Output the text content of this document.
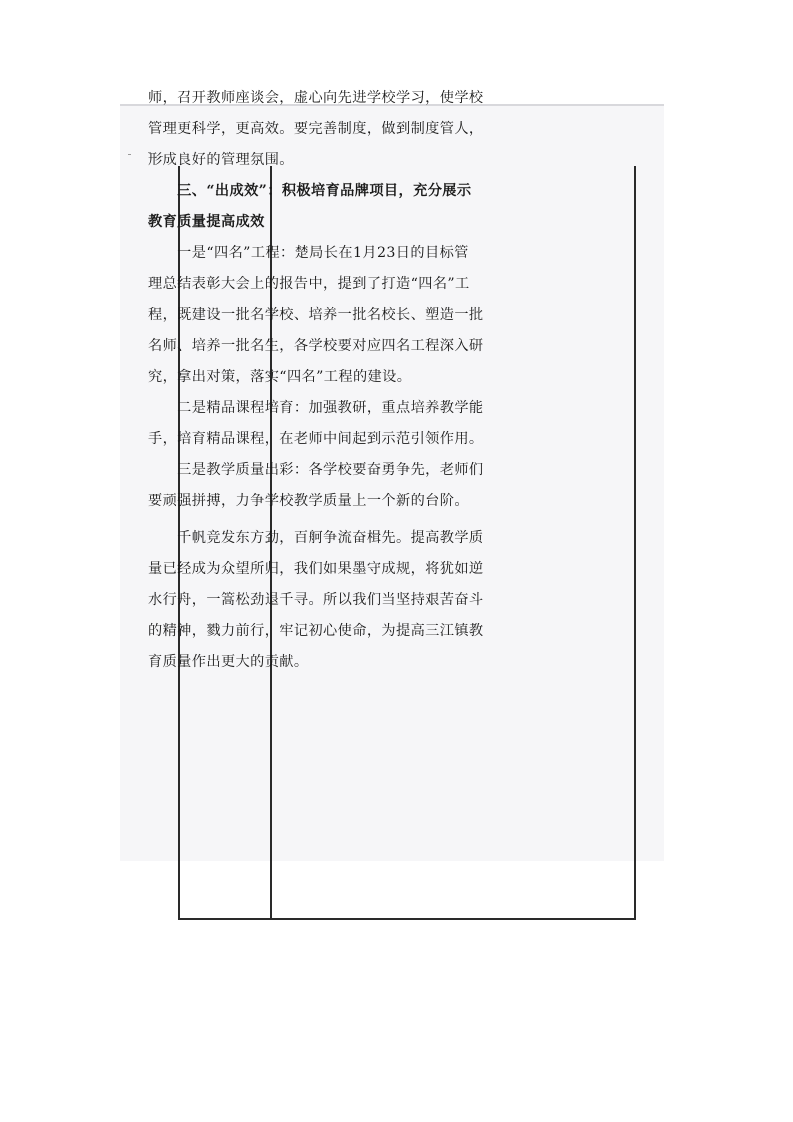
师，召开教师座谈会，虚心向先进学校学习，使学校
管理更科学，更高效。要完善制度，做到制度管人，
形成良好的管理氛围。
　　三、“出成效”：积极培育品牌项目，充分展示
教育质量提高成效
　　一是“四名”工程：楚局长在1月23日的目标管
理总结表彰大会上的报告中，提到了打造“四名”工
程，既建设一批名学校、培养一批名校长、塑造一批
名师、培养一批名生，各学校要对应四名工程深入研
究，拿出对策，落实“四名”工程的建设。
　　二是精品课程培育：加强教研，重点培养教学能
手，培育精品课程，在老师中间起到示范引领作用。
　　三是教学质量出彩：各学校要奋勇争先，老师们
要顽强拼搏，力争学校教学质量上一个新的台阶。
　　千帆竞发东方劲，百舸争流奋楫先。提高教学质
量已经成为众望所归，我们如果墨守成规，将犹如逆
水行舟，一篙松劲退千寻。所以我们当坚持艰苦奋斗
的精神，戮力前行，牢记初心使命，为提高三江镇教
育质量作出更大的贡献。
